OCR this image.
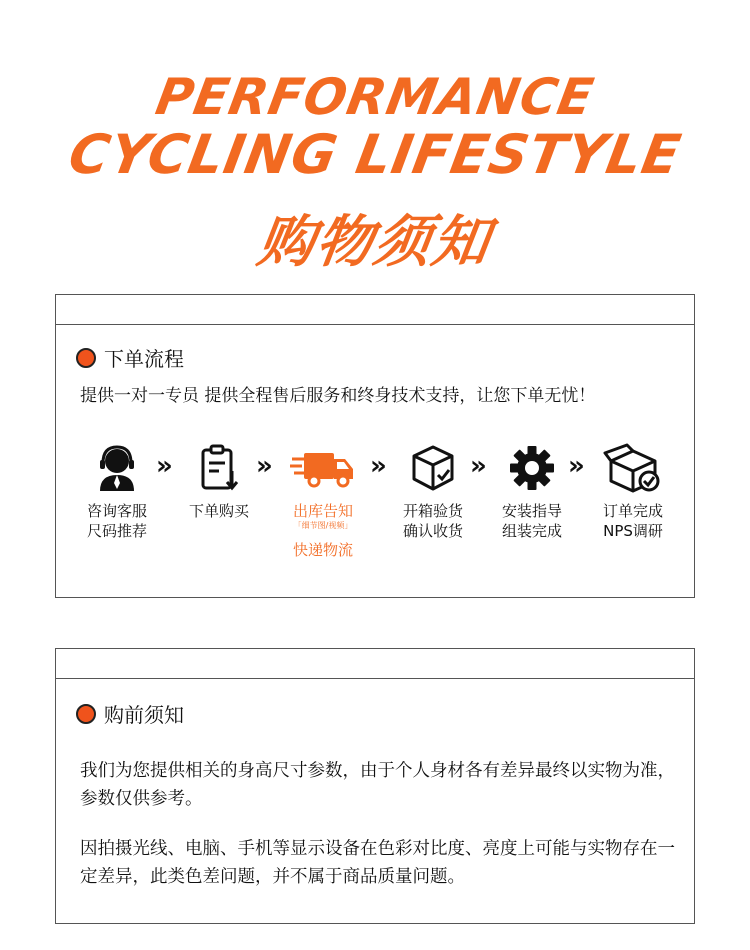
PERFORMANCE
CYCLING LIFESTYLE
购物须知
下单流程
提供一对一专员 提供全程售后服务和终身技术支持，让您下单无忧！
咨询客服
尺码推荐
»
下单购买
»
出库告知
「细节图/视频」
快递物流
»
开箱验货
确认收货
»
安装指导
组装完成
»
订单完成
NPS调研
购前须知
我们为您提供相关的身高尺寸参数，由于个人身材各有差异最终以实物为准，参数仅供参考。
因拍摄光线、电脑、手机等显示设备在色彩对比度、亮度上可能与实物存在一定差异，此类色差问题，并不属于商品质量问题。
